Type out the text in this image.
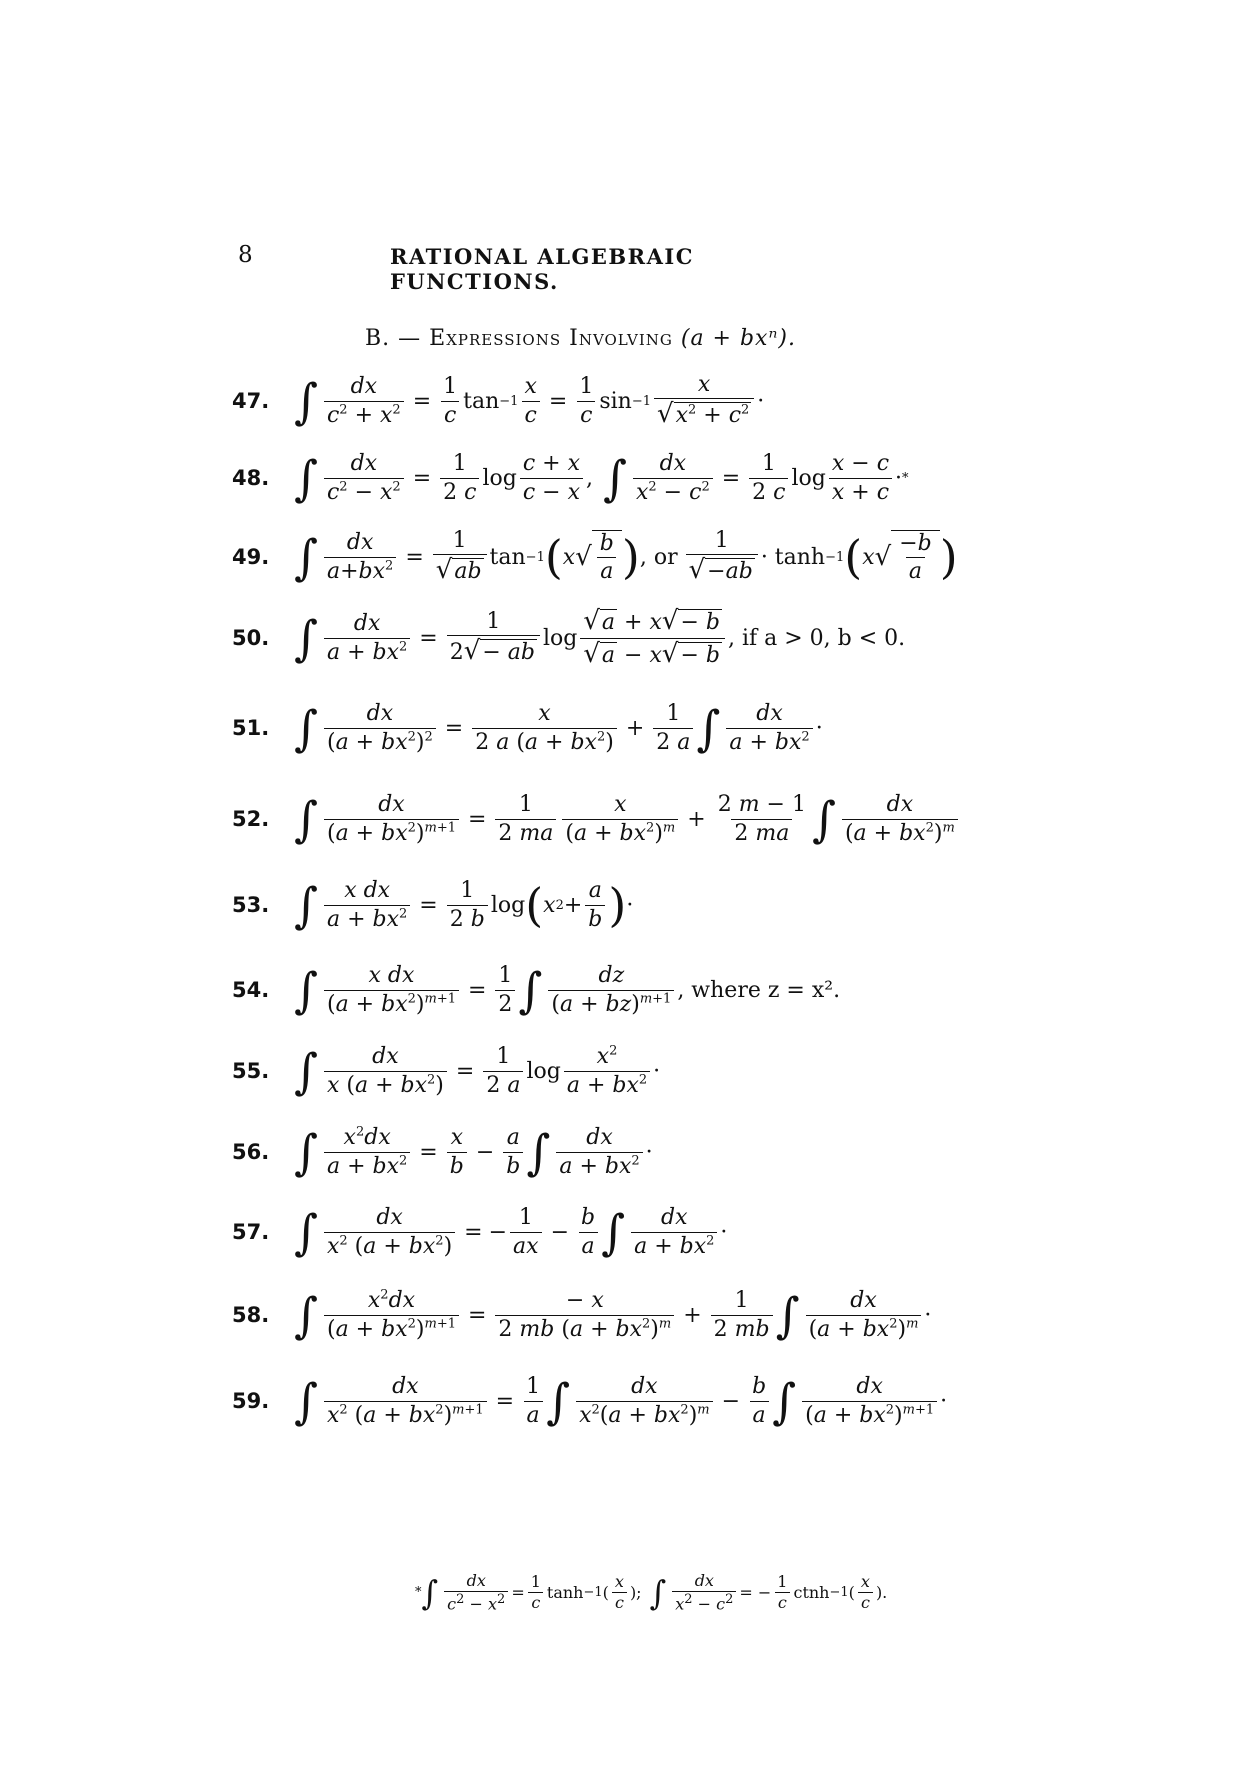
8	RATIONAL ALGEBRAIC FUNCTIONS.
B. — Expressions Involving (a + bxⁿ).
47. ∫ $\frac{dx}{c^2 + x^2} = \frac{1}{c}$ $\tan -1 \frac{x}{c} = \frac{1}{c}$ $\sin -1 \frac{x}{√x^2 + c^2}$ ·
48. ∫ $\frac{dx}{c^2 - x^2} = \frac{1}{2 c}$ $\log \frac{c + x}{c - x}$ , ∫ $\frac{dx}{x^2 - c^2} = \frac{1}{2 c}$ $\log \frac{x - c}{x + c}$ · *
49. ∫ $\frac{dx}{a+bx^2} = \frac{1}{√ab}$ tan −1 ( x √ $\frac{b}{a}$ ) , or $\frac{1}{√-ab} \cdot \tanh -1$ ( x √ $\frac{-b}{a}$ )
50. ∫ $\frac{dx}{a + bx^2} = \frac{1}{2√- ab}$ $\log \frac{√a + x√- b}{√a - x√- b}$ , if a > 0, b < 0.
51. ∫ $\frac{dx}{(a + bx^2)^2} = \frac{x}{2 a (a + bx^2)} + \frac{1}{2 a}$ ∫ $\frac{dx}{a + bx^2}$ ·
52. ∫ $\frac{dx}{(a + bx^2)^{m+1}} = \frac{1}{2 ma} \frac{x}{(a + bx^2)^m} + \frac{2 m - 1}{2 ma}$ ∫ $\frac{dx}{(a + bx^2)^m}$
53. ∫ $\frac{\text{x dx}}{a + bx^2} = \frac{1}{2 b}$ log ( x $2 + \frac{a}{b}$ ) ·
54. ∫ $\frac{\text{x dx}}{(a + bx^2)^{m+1}} = \frac{1}{2}$ ∫ $\frac{dz}{(a + bz)^{m+1}}$ , where z = x².
55. ∫ $\frac{dx}{x (a + bx^2)} = \frac{1}{2 a}$ $\log \frac{x^2}{a + bx^2}$ ·
56. ∫ $\frac{x^2dx}{a + bx^2} = \frac{x}{b} - \frac{a}{b}$ ∫ $\frac{dx}{a + bx^2}$ ·
57. ∫ $\frac{dx}{x^2 (a + bx^2)}$ = − $\frac{1}{ax} - \frac{b}{a}$ ∫ $\frac{dx}{a + bx^2}$ ·
58. ∫ $\frac{x^2dx}{(a + bx^2)^{m+1}} = \frac{- x}{2 mb (a + bx^2)^m} + \frac{1}{2 mb}$ ∫ $\frac{dx}{(a + bx^2)^m}$ ·
59. ∫ $\frac{dx}{x^2 (a + bx^2)^{m+1}} = \frac{1}{a}$ ∫ $\frac{dx}{x^2(a + bx^2)^m} - \frac{b}{a}$ ∫ $\frac{dx}{(a + bx^2)^{m+1}}$ ·
* ∫ $\frac{dx}{c^2 - x^2} = \frac{1}{c}$ tanh −1 ( $\frac{x}{c}$ ); ∫ $\frac{dx}{x^2 - c^2}$ = − $\frac{1}{c}$ ctnh −1 ( $\frac{x}{c}$ ).
